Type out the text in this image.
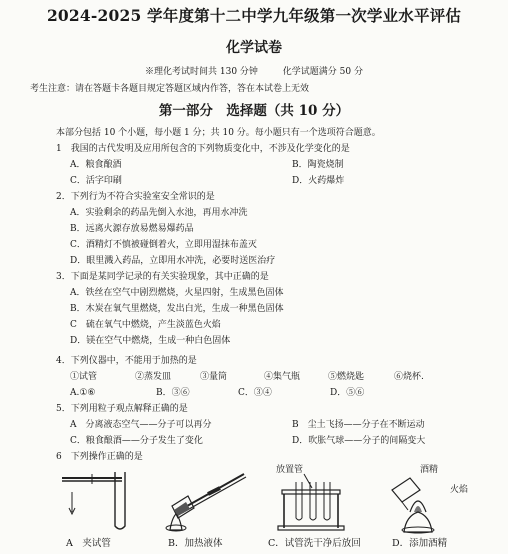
2024-2025 学年度第十二中学九年级第一次学业水平评估
化学试卷
※理化考试时间共 130 分钟	化学试题满分 50 分
考生注意：请在答题卡各题目规定答题区域内作答，答在本试卷上无效
第一部分　选择题（共 10 分）
本部分包括 10 个小题，每小题 1 分；共 10 分。每小题只有一个选项符合题意。
1　我国的古代发明及应用所包含的下列物质变化中，不涉及化学变化的是
A．粮食酿酒	B．陶瓷烧制
C．活字印刷	D．火药爆炸
2．下列行为不符合实验室安全常识的是
A．实验剩余的药品先倒入水池，再用水冲洗
B．远离火源存放易燃易爆药品
C．酒精灯不慎被碰倒着火，立即用湿抹布盖灭
D．眼里溅入药品，立即用水冲洗，必要时送医治疗
3．下面是某同学记录的有关实验现象，其中正确的是
A．铁丝在空气中剧烈燃烧，火星四射，生成黑色固体
B．木炭在氧气里燃烧，发出白光，生成一种黑色固体
C　硫在氧气中燃烧，产生淡蓝色火焰
D．镁在空气中燃烧，生成一种白色固体
4．下列仪器中，不能用于加热的是
①试管	②蒸发皿	③量筒	④集气瓶	⑤燃烧匙	⑥烧杯.
A.①⑥	B．③⑥	C．③④	D．⑤⑥
5．下列用粒子观点解释正确的是
A　分离液态空气——分子可以再分	B　尘土飞扬——分子在不断运动
C．粮食酿酒——分子发生了变化	D．吹胀气球——分子的间隔变大
6　下列操作正确的是
放置管	酒精
火焰
A　夹试管	B．加热液体	C．试管洗干净后放回	D．添加酒精
